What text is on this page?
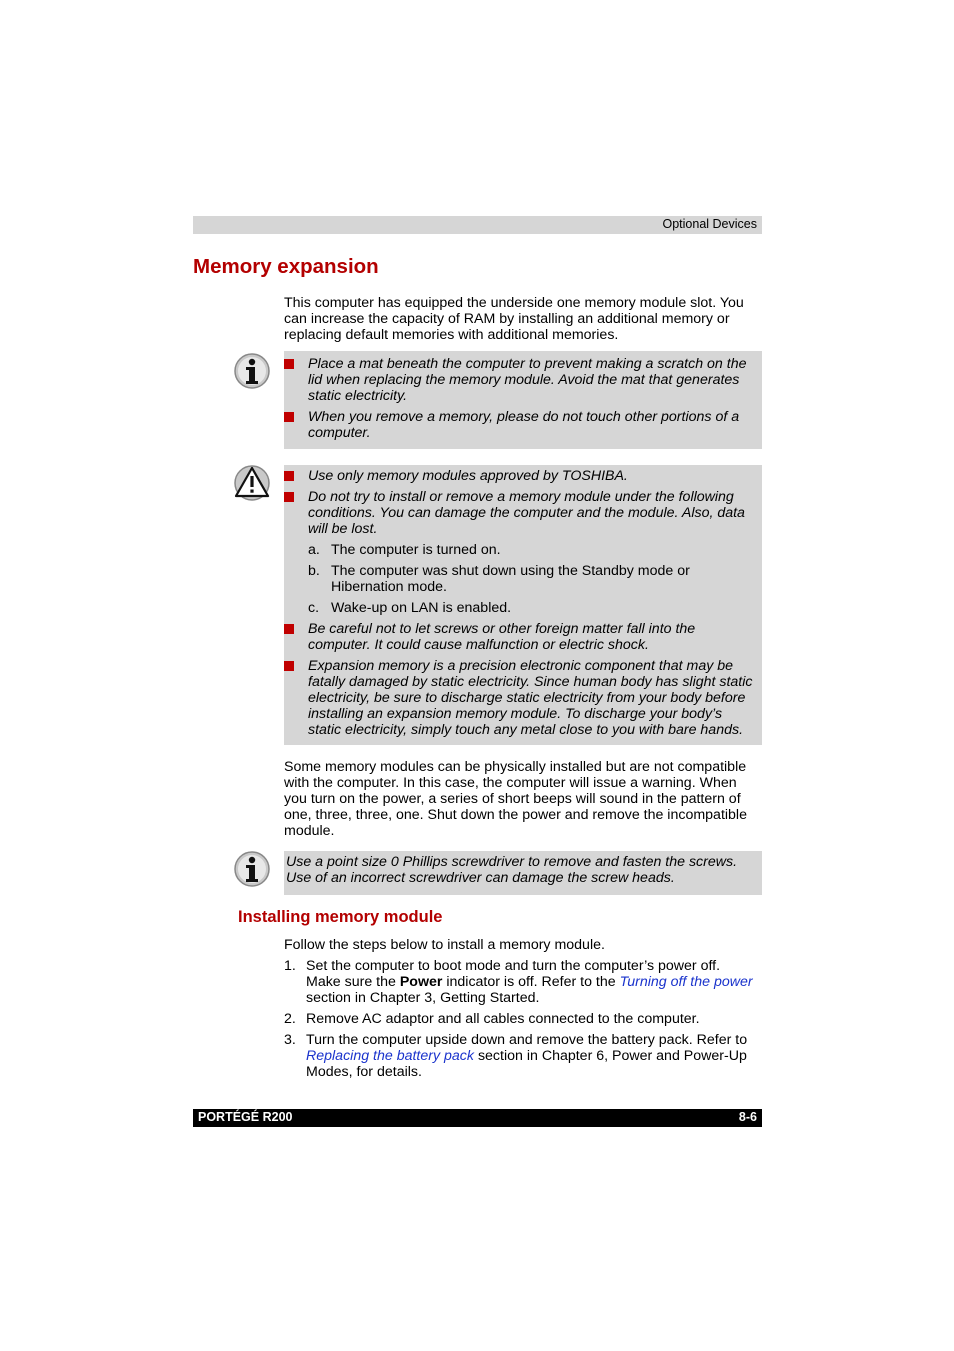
Optional Devices
Memory expansion
This computer has equipped the underside one memory module slot. You
can increase the capacity of RAM by installing an additional memory or
replacing default memories with additional memories.
Place a mat beneath the computer to prevent making a scratch on the
lid when replacing the memory module. Avoid the mat that generates
static electricity.
When you remove a memory, please do not touch other portions of a
computer.
Use only memory modules approved by TOSHIBA.
Do not try to install or remove a memory module under the following
conditions. You can damage the computer and the module. Also, data
will be lost.
a. The computer is turned on.
b. The computer was shut down using the Standby mode or
Hibernation mode.
c. Wake-up on LAN is enabled.
Be careful not to let screws or other foreign matter fall into the
computer. It could cause malfunction or electric shock.
Expansion memory is a precision electronic component that may be
fatally damaged by static electricity. Since human body has slight static
electricity, be sure to discharge static electricity from your body before
installing an expansion memory module. To discharge your body’s
static electricity, simply touch any metal close to you with bare hands.
Some memory modules can be physically installed but are not compatible
with the computer. In this case, the computer will issue a warning. When
you turn on the power, a series of short beeps will sound in the pattern of
one, three, three, one. Shut down the power and remove the incompatible
module.
Use a point size 0 Phillips screwdriver to remove and fasten the screws.
Use of an incorrect screwdriver can damage the screw heads.
Installing memory module
Follow the steps below to install a memory module.
1. Set the computer to boot mode and turn the computer’s power off.
Make sure the Power indicator is off. Refer to the Turning off the power
section in Chapter 3, Getting Started.
2. Remove AC adaptor and all cables connected to the computer.
3. Turn the computer upside down and remove the battery pack. Refer to
Replacing the battery pack section in Chapter 6, Power and Power-Up
Modes, for details.
PORTÉGÉ R200	8-6
